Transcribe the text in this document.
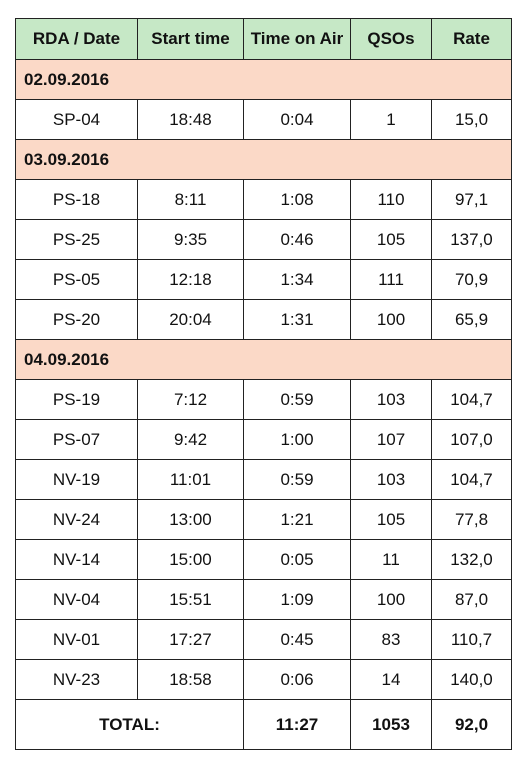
RDA / Date	Start time	Time on Air	QSOs	Rate
02.09.2016				
SP-04	18:48	0:04	1	15,0
03.09.2016				
PS-18	8:11	1:08	110	97,1
PS-25	9:35	0:46	105	137,0
PS-05	12:18	1:34	111	70,9
PS-20	20:04	1:31	100	65,9
04.09.2016				
PS-19	7:12	0:59	103	104,7
PS-07	9:42	1:00	107	107,0
NV-19	11:01	0:59	103	104,7
NV-24	13:00	1:21	105	77,8
NV-14	15:00	0:05	11	132,0
NV-04	15:51	1:09	100	87,0
NV-01	17:27	0:45	83	110,7
NV-23	18:58	0:06	14	140,0
TOTAL:		11:27	1053	92,0
